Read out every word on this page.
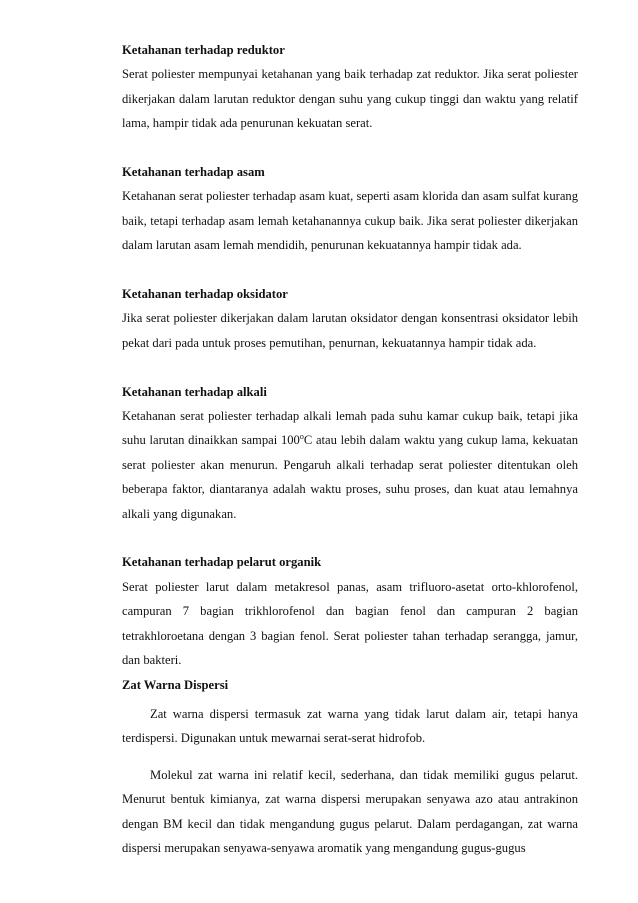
Ketahanan terhadap reduktor

Serat poliester mempunyai ketahanan yang baik terhadap zat reduktor. Jika serat poliester dikerjakan dalam larutan reduktor dengan suhu yang cukup tinggi dan waktu yang relatif lama, hampir tidak ada penurunan kekuatan serat.

Ketahanan terhadap asam

Ketahanan serat poliester terhadap asam kuat, seperti asam klorida dan asam sulfat kurang baik, tetapi terhadap asam lemah ketahanannya cukup baik. Jika serat poliester dikerjakan dalam larutan asam lemah mendidih, penurunan kekuatannya hampir tidak ada.

Ketahanan terhadap oksidator

Jika serat poliester dikerjakan dalam larutan oksidator dengan konsentrasi oksidator lebih pekat dari pada untuk proses pemutihan, penurnan, kekuatannya hampir tidak ada.

Ketahanan terhadap alkali

Ketahanan serat poliester terhadap alkali lemah pada suhu kamar cukup baik, tetapi jika suhu larutan dinaikkan sampai 100$^o$C atau lebih dalam waktu yang cukup lama, kekuatan serat poliester akan menurun. Pengaruh alkali terhadap serat poliester ditentukan oleh beberapa faktor, diantaranya adalah waktu proses, suhu proses, dan kuat atau lemahnya alkali yang digunakan.

Ketahanan terhadap pelarut organik

Serat poliester larut dalam metakresol panas, asam trifluoro-asetat orto-khlorofenol, campuran 7 bagian trikhlorofenol dan bagian fenol dan campuran 2 bagian tetrakhloroetana dengan 3 bagian fenol. Serat poliester tahan terhadap serangga, jamur, dan bakteri.

Zat Warna Dispersi

Zat warna dispersi termasuk zat warna yang tidak larut dalam air, tetapi hanya terdispersi. Digunakan untuk mewarnai serat-serat hidrofob.

Molekul zat warna ini relatif kecil, sederhana, dan tidak memiliki gugus pelarut. Menurut bentuk kimianya, zat warna dispersi merupakan senyawa azo atau antrakinon dengan BM kecil dan tidak mengandung gugus pelarut. Dalam perdagangan, zat warna dispersi merupakan senyawa-senyawa aromatik yang mengandung gugus-gugus
